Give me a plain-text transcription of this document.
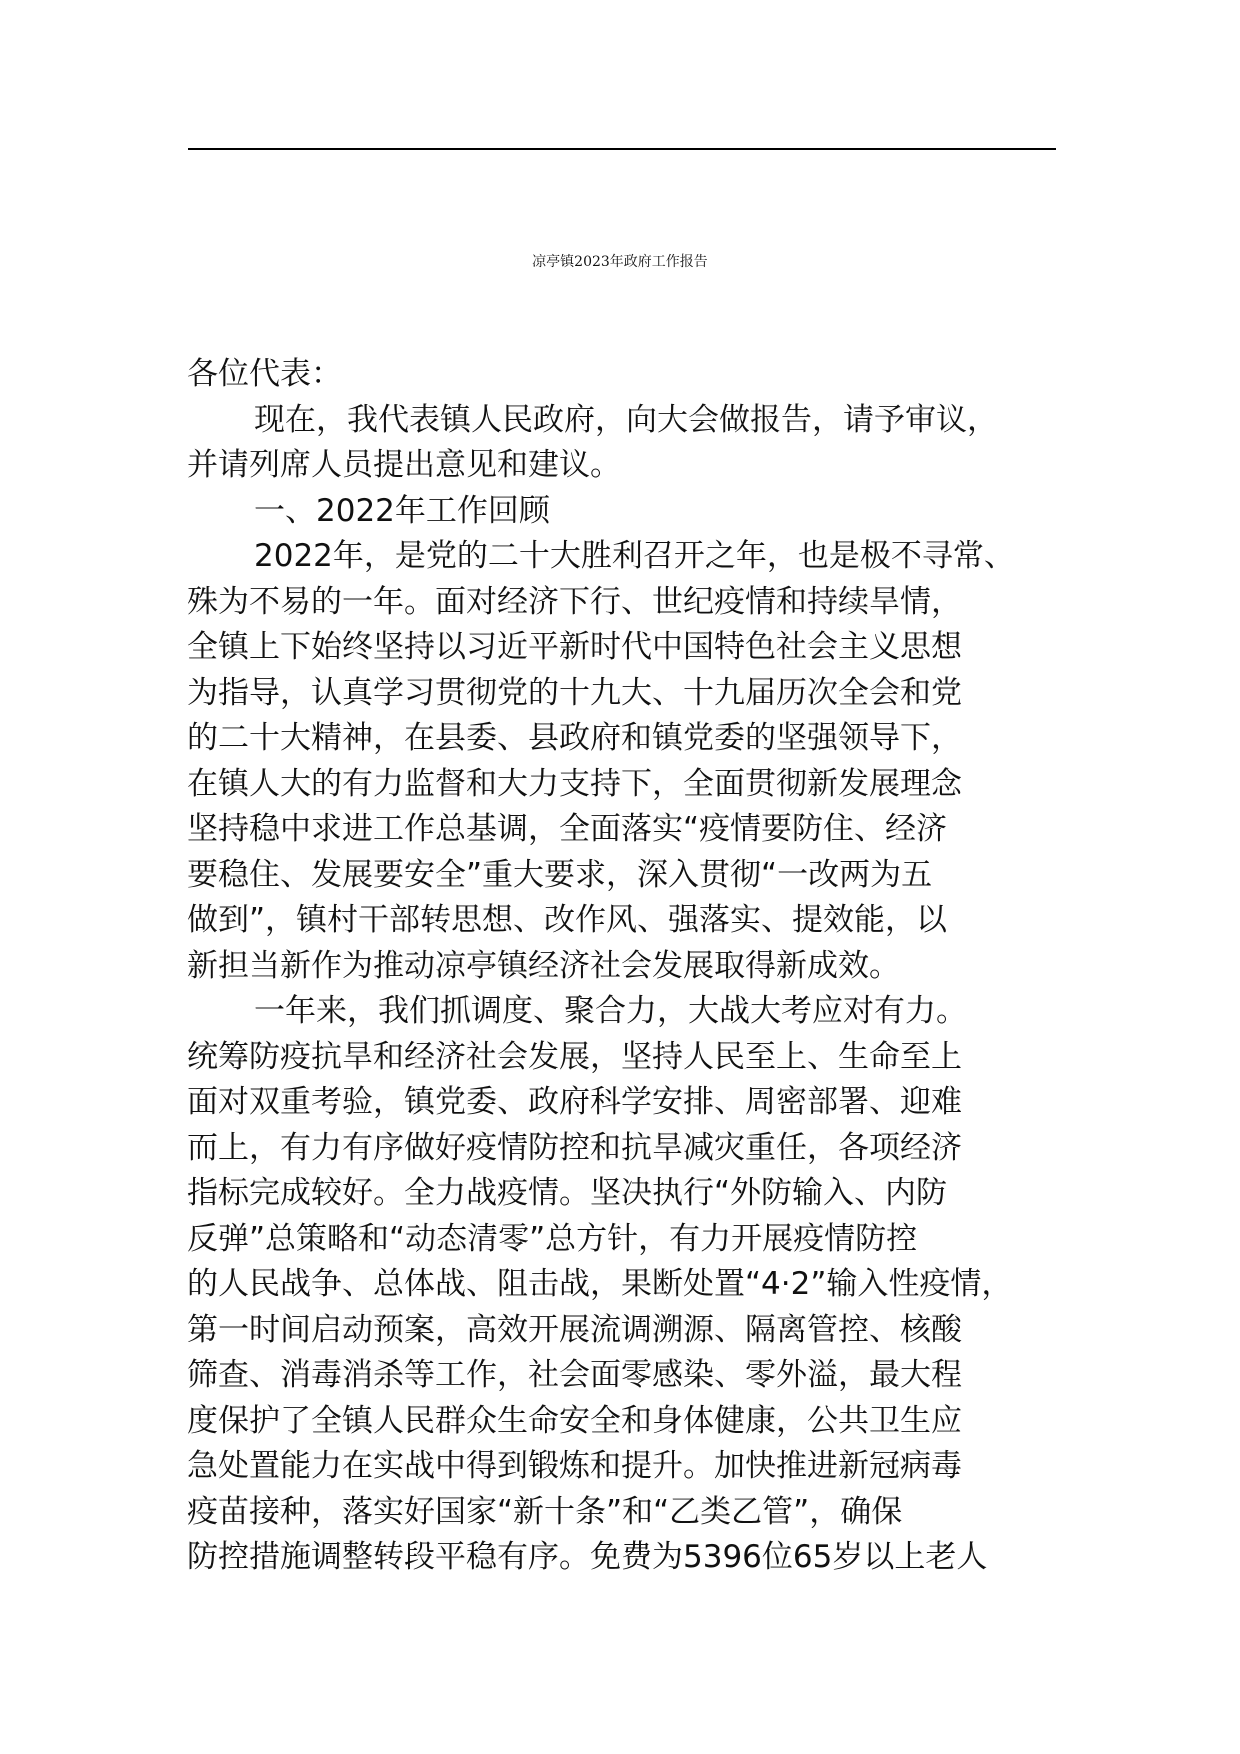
凉亭镇2023年政府工作报告
各位代表：
现在，我代表镇人民政府，向大会做报告，请予审议，
并请列席人员提出意见和建议。
一、2022年工作回顾
2022年，是党的二十大胜利召开之年，也是极不寻常、
殊为不易的一年。面对经济下行、世纪疫情和持续旱情，
全镇上下始终坚持以习近平新时代中国特色社会主义思想
为指导，认真学习贯彻党的十九大、十九届历次全会和党
的二十大精神，在县委、县政府和镇党委的坚强领导下，
在镇人大的有力监督和大力支持下，全面贯彻新发展理念
坚持稳中求进工作总基调，全面落实“疫情要防住、经济
要稳住、发展要安全”重大要求，深入贯彻“一改两为五
做到”，镇村干部转思想、改作风、强落实、提效能，以
新担当新作为推动凉亭镇经济社会发展取得新成效。
一年来，我们抓调度、聚合力，大战大考应对有力。
统筹防疫抗旱和经济社会发展，坚持人民至上、生命至上
面对双重考验，镇党委、政府科学安排、周密部署、迎难
而上，有力有序做好疫情防控和抗旱减灾重任，各项经济
指标完成较好。全力战疫情。坚决执行“外防输入、内防
反弹”总策略和“动态清零”总方针，有力开展疫情防控
的人民战争、总体战、阻击战，果断处置“4·2”输入性疫情，
第一时间启动预案，高效开展流调溯源、隔离管控、核酸
筛查、消毒消杀等工作，社会面零感染、零外溢，最大程
度保护了全镇人民群众生命安全和身体健康，公共卫生应
急处置能力在实战中得到锻炼和提升。加快推进新冠病毒
疫苗接种，落实好国家“新十条”和“乙类乙管”，确保
防控措施调整转段平稳有序。免费为5396位65岁以上老人
